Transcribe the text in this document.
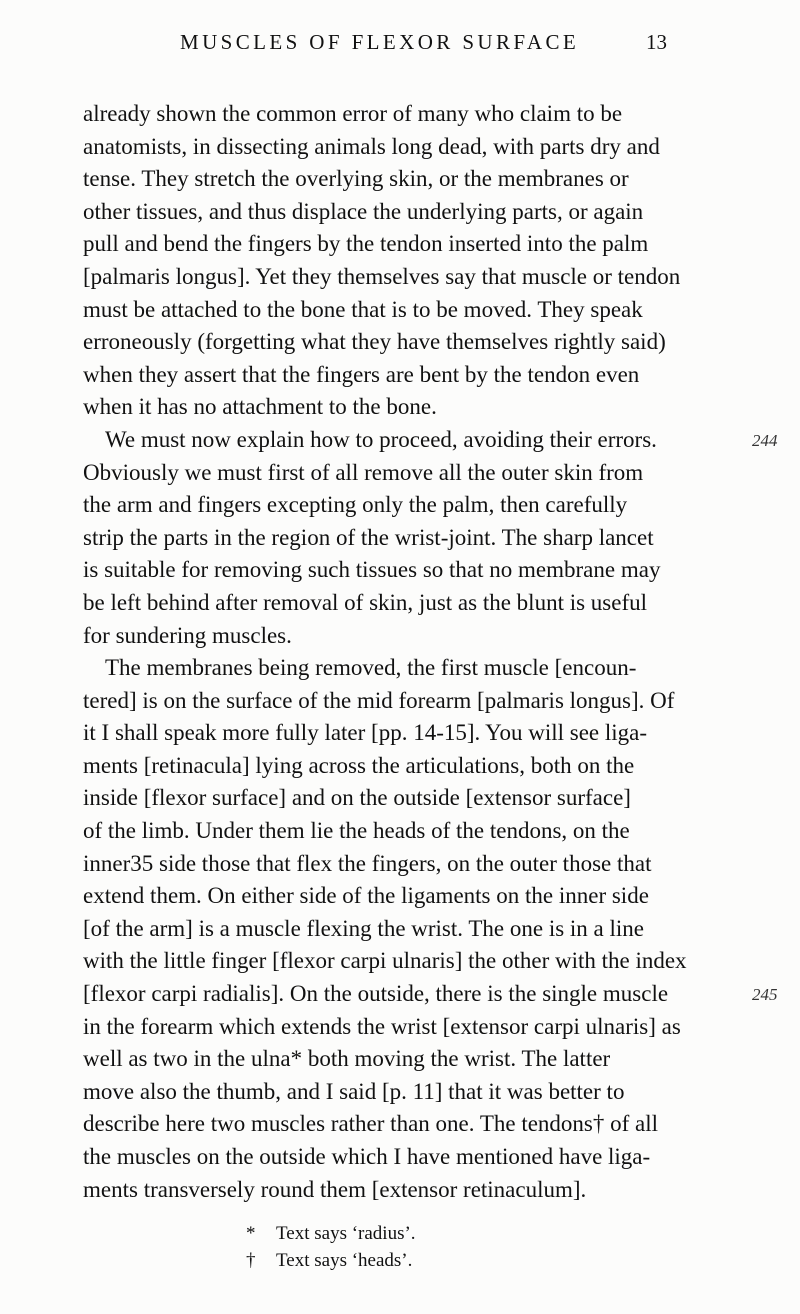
MUSCLES OF FLEXOR SURFACE	13
already shown the common error of many who claim to be
anatomists, in dissecting animals long dead, with parts dry and
tense. They stretch the overlying skin, or the membranes or
other tissues, and thus displace the underlying parts, or again
pull and bend the fingers by the tendon inserted into the palm
[palmaris longus]. Yet they themselves say that muscle or tendon
must be attached to the bone that is to be moved. They speak
erroneously (forgetting what they have themselves rightly said)
when they assert that the fingers are bent by the tendon even
when it has no attachment to the bone.
We must now explain how to proceed, avoiding their errors.
Obviously we must first of all remove all the outer skin from
the arm and fingers excepting only the palm, then carefully
strip the parts in the region of the wrist-joint. The sharp lancet
is suitable for removing such tissues so that no membrane may
be left behind after removal of skin, just as the blunt is useful
for sundering muscles.
The membranes being removed, the first muscle [encoun-
tered] is on the surface of the mid forearm [palmaris longus]. Of
it I shall speak more fully later [pp. 14-15]. You will see liga-
ments [retinacula] lying across the articulations, both on the
inside [flexor surface] and on the outside [extensor surface]
of the limb. Under them lie the heads of the tendons, on the
inner35 side those that flex the fingers, on the outer those that
extend them. On either side of the ligaments on the inner side
[of the arm] is a muscle flexing the wrist. The one is in a line
with the little finger [flexor carpi ulnaris] the other with the index
[flexor carpi radialis]. On the outside, there is the single muscle
in the forearm which extends the wrist [extensor carpi ulnaris] as
well as two in the ulna* both moving the wrist. The latter
move also the thumb, and I said [p. 11] that it was better to
describe here two muscles rather than one. The tendons† of all
the muscles on the outside which I have mentioned have liga-
ments transversely round them [extensor retinaculum].
244
245
* Text says ‘radius’.
† Text says ‘heads’.
